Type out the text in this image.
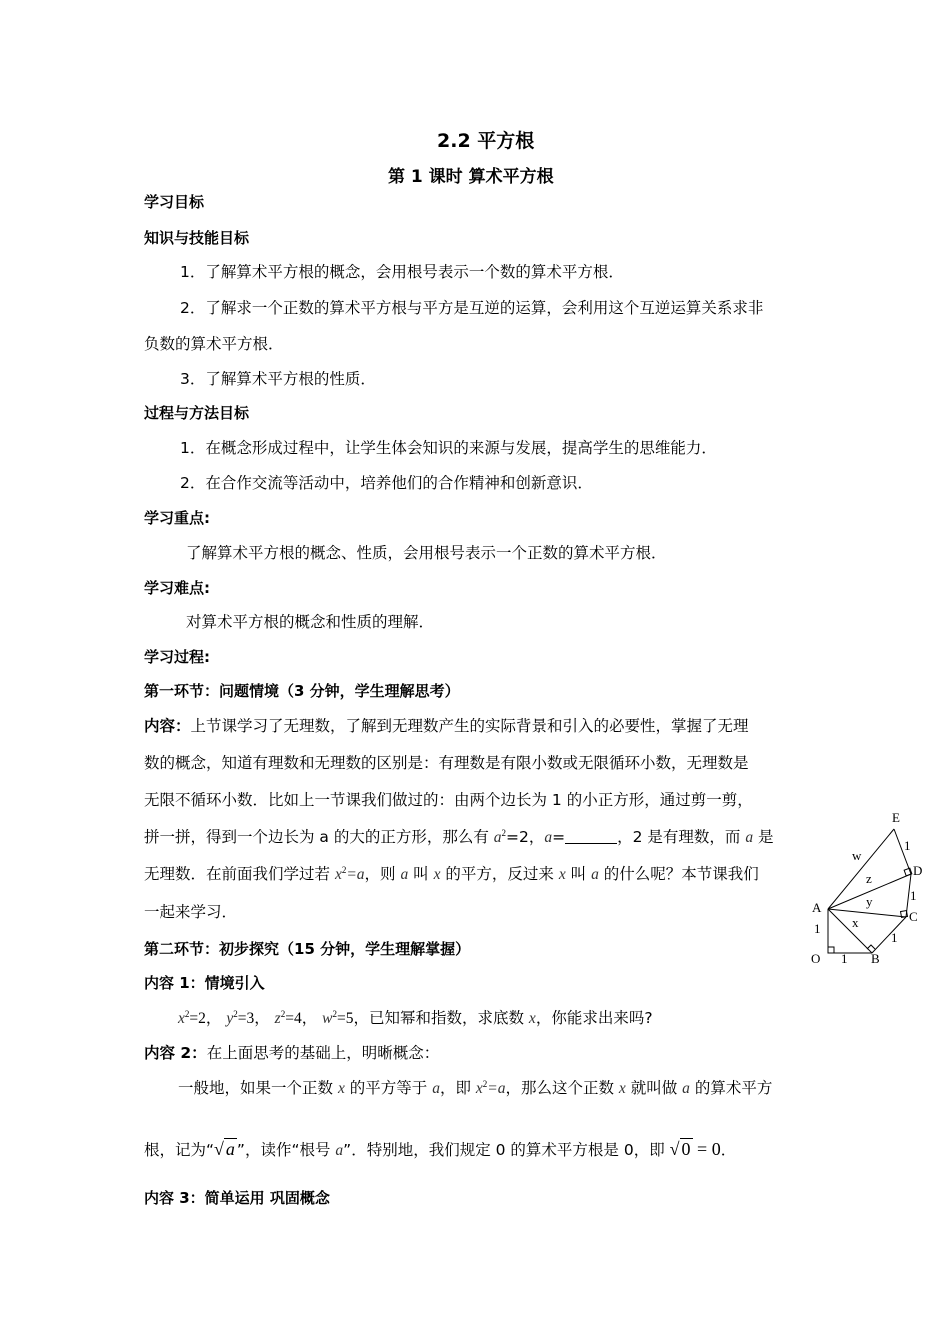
2.2 平方根
第 1 课时 算术平方根
学习目标
知识与技能目标
1．了解算术平方根的概念，会用根号表示一个数的算术平方根．
2．了解求一个正数的算术平方根与平方是互逆的运算，会利用这个互逆运算关系求非
负数的算术平方根．
3．了解算术平方根的性质．
过程与方法目标
1．在概念形成过程中，让学生体会知识的来源与发展，提高学生的思维能力．
2．在合作交流等活动中，培养他们的合作精神和创新意识．
学习重点:
了解算术平方根的概念、性质，会用根号表示一个正数的算术平方根．
学习难点:
对算术平方根的概念和性质的理解．
学习过程:
第一环节：问题情境（3 分钟，学生理解思考）
内容：上节课学习了无理数，了解到无理数产生的实际背景和引入的必要性，掌握了无理
数的概念，知道有理数和无理数的区别是：有理数是有限小数或无限循环小数，无理数是
无限不循环小数．比如上一节课我们做过的：由两个边长为 1 的小正方形，通过剪一剪，
拼一拼，得到一个边长为 a 的大的正方形，那么有 $a^2=2$，a=	，2 是有理数，而 a 是
无理数．在前面我们学过若 $x^2=a$，则 a 叫 x 的平方，反过来 x 叫 a 的什么呢？本节课我们
一起来学习．
第二环节：初步探究（15 分钟，学生理解掌握）
内容 1：情境引入
$x^2=2$， $y^2=3$， $z^2=4$， $w^2=5$，已知幂和指数，求底数 x，你能求出来吗?
内容 2：在上面思考的基础上，明晰概念：
一般地，如果一个正数 x 的平方等于 a，即 $x^2=a$，那么这个正数 x 就叫做 a 的算术平方
根，记为“√ a ”，读作“根号 a”．特别地，我们规定 0 的算术平方根是 0，即 √ 0 = 0．
内容 3：简单运用 巩固概念
E
D
C
A
O	B
w
z
y
x
1
1
1
1
1
